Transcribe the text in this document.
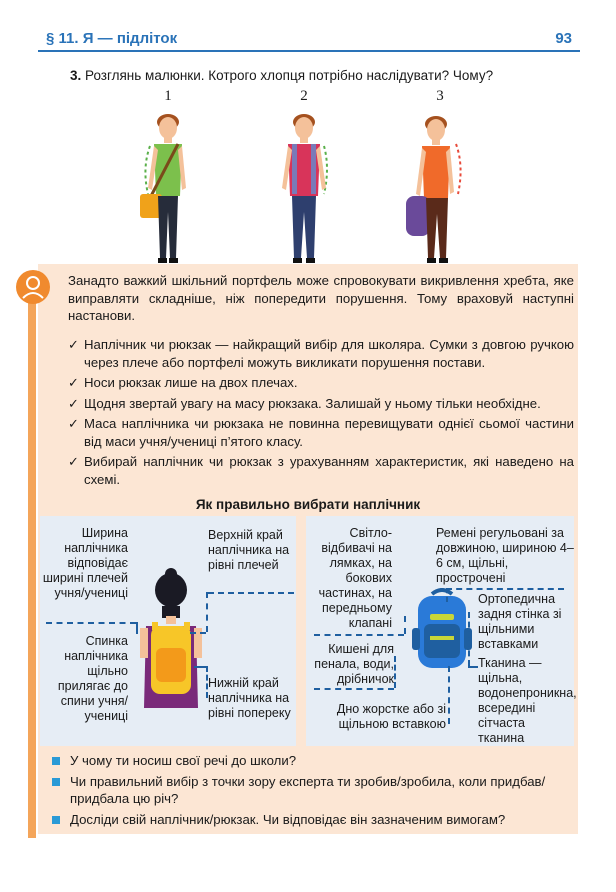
§ 11. Я — підліток	93
3. Розглянь малюнки. Котрого хлопця потрібно наслідувати? Чому?
1	2	3

Занадто важкий шкільний портфель може спровокувати викривлення хребта, яке виправляти складніше, ніж попередити порушення. Тому враховуй наступні настанови.

✓ Наплічник чи рюкзак — найкращий вибір для школяра. Сумки з довгою ручкою через плече або портфелі можуть викликати порушення постави.
✓ Носи рюкзак лише на двох плечах.
✓ Щодня звертай увагу на масу рюкзака. Залишай у ньому тільки необхідне.
✓ Маса наплічника чи рюкзака не повинна перевищувати однієї сьомої частини від маси учня/учениці п’ятого класу.
✓ Вибирай наплічник чи рюкзак з урахуванням характеристик, які наведено на схемі.
Як правильно вибрати наплічник
Ширина наплічника відповідає ширині плечей учня/учениці
Верхній край наплічника на рівні плечей
Спинка наплічника щільно прилягає до спини учня/учениці
Нижній край наплічника на рівні попереку
Світло-відбивачі на лямках, на бокових частинах, на передньому клапані
Ремені регульовані за довжиною, шириною 4–6 см, щільні, прострочені
Ортопедична задня стінка зі щільними вставками
Кишені для пенала, води, дрібничок
Тканина — щільна, водонепроникна, всередині сітчаста тканина
Дно жорстке або зі щільною вставкою
У чому ти носиш свої речі до школи?
Чи правильний вибір з точки зору експерта ти зробив/зробила, коли придбав/придбала цю річ?
Досліди свій наплічник/рюкзак. Чи відповідає він зазначеним вимогам?
